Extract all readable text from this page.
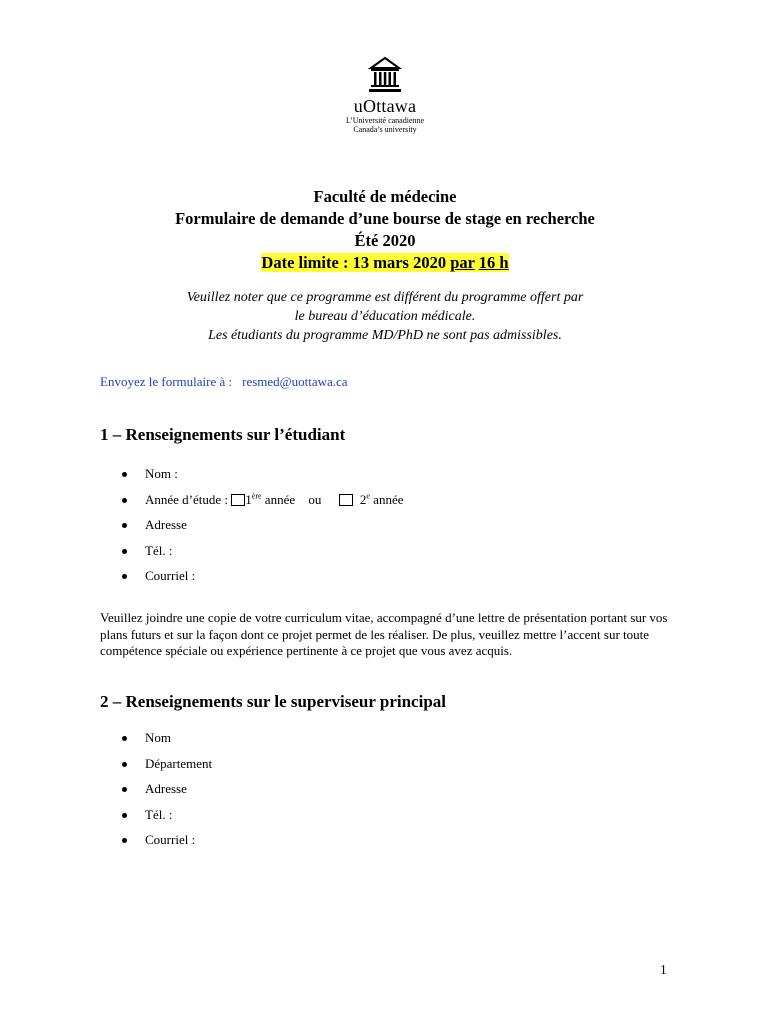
uOttawa
L’Université canadienne
Canada’s university
Faculté de médecine
Formulaire de demande d’une bourse de stage en recherche
Été 2020
Date limite : 13 mars 2020 par 16 h
Veuillez noter que ce programme est différent du programme offert par
le bureau d’éducation médicale.
Les étudiants du programme MD/PhD ne sont pas admissibles.
Envoyez le formulaire à : resmed@uottawa.ca
1 – Renseignements sur l’étudiant
Nom :
Année d’étude : 1ère année ou	2e année
Adresse
Tél. :
Courriel :
Veuillez joindre une copie de votre curriculum vitae, accompagné d’une lettre de présentation portant sur vos plans futurs et sur la façon dont ce projet permet de les réaliser. De plus, veuillez mettre l’accent sur toute compétence spéciale ou expérience pertinente à ce projet que vous avez acquis.
2 – Renseignements sur le superviseur principal
Nom
Département
Adresse
Tél. :
Courriel :
1
